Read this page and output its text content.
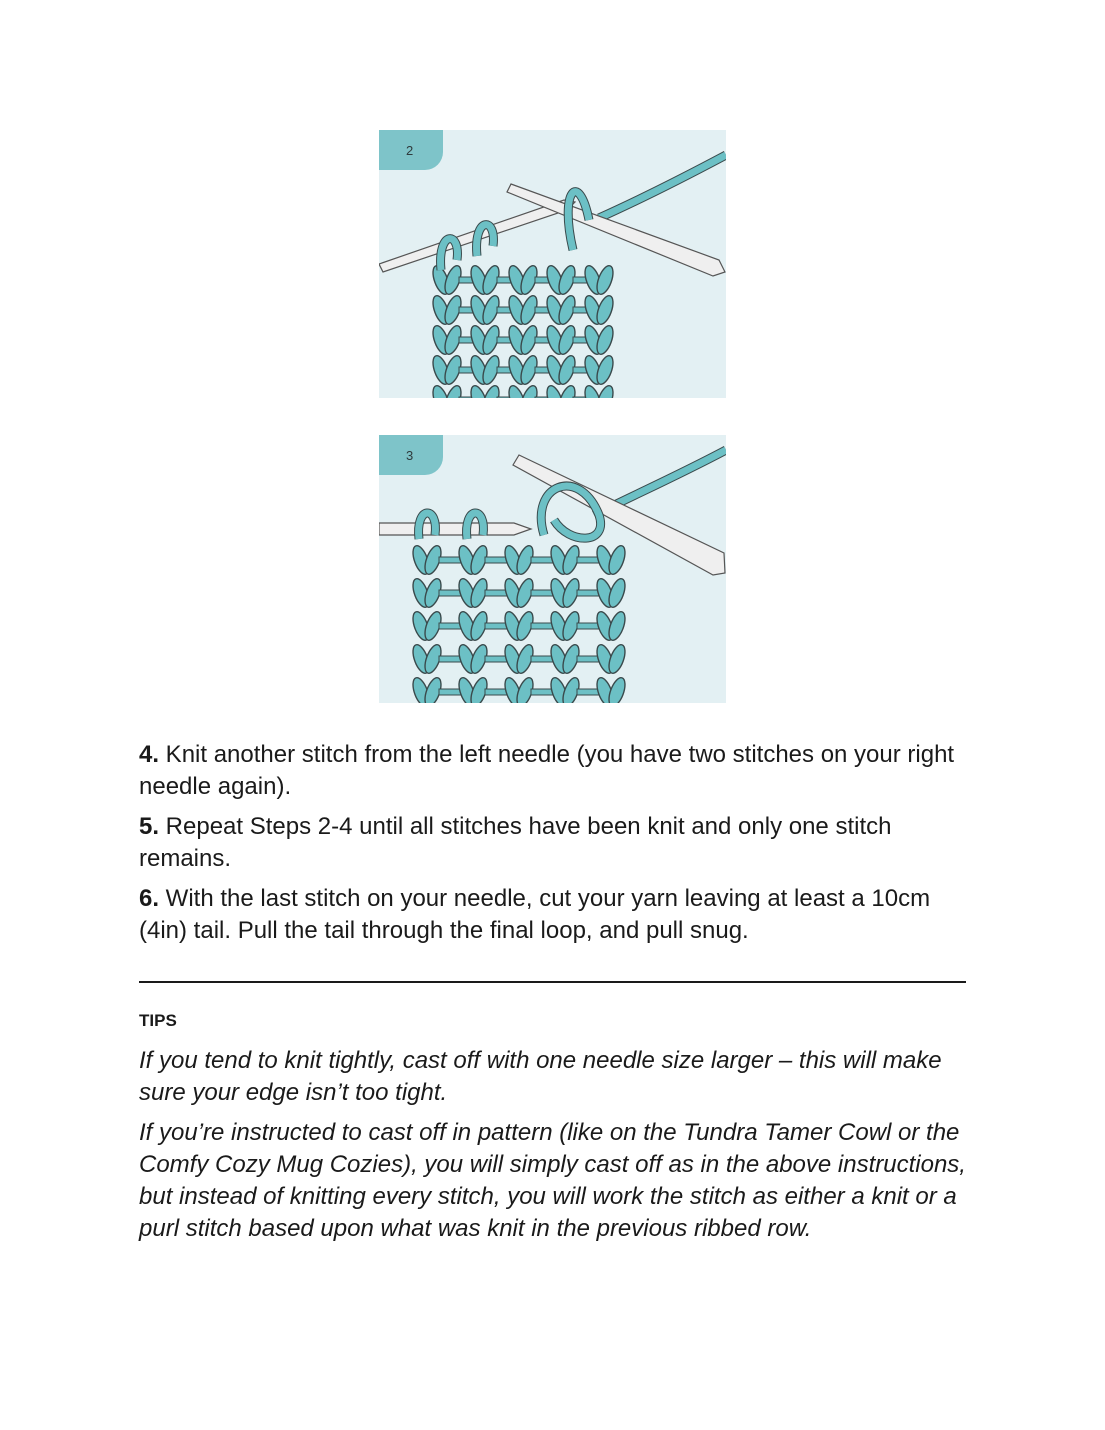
2
3

4. Knit another stitch from the left needle (you have two stitches on your right needle again).

5. Repeat Steps 2-4 until all stitches have been knit and only one stitch remains.

6. With the last stitch on your needle, cut your yarn leaving at least a 10cm (4in) tail. Pull the tail through the final loop, and pull snug.

TIPS

If you tend to knit tightly, cast off with one needle size larger – this will make sure your edge isn’t too tight.

If you’re instructed to cast off in pattern (like on the Tundra Tamer Cowl or the Comfy Cozy Mug Cozies), you will simply cast off as in the above instructions, but instead of knitting every stitch, you will work the stitch as either a knit or a purl stitch based upon what was knit in the previous ribbed row.
